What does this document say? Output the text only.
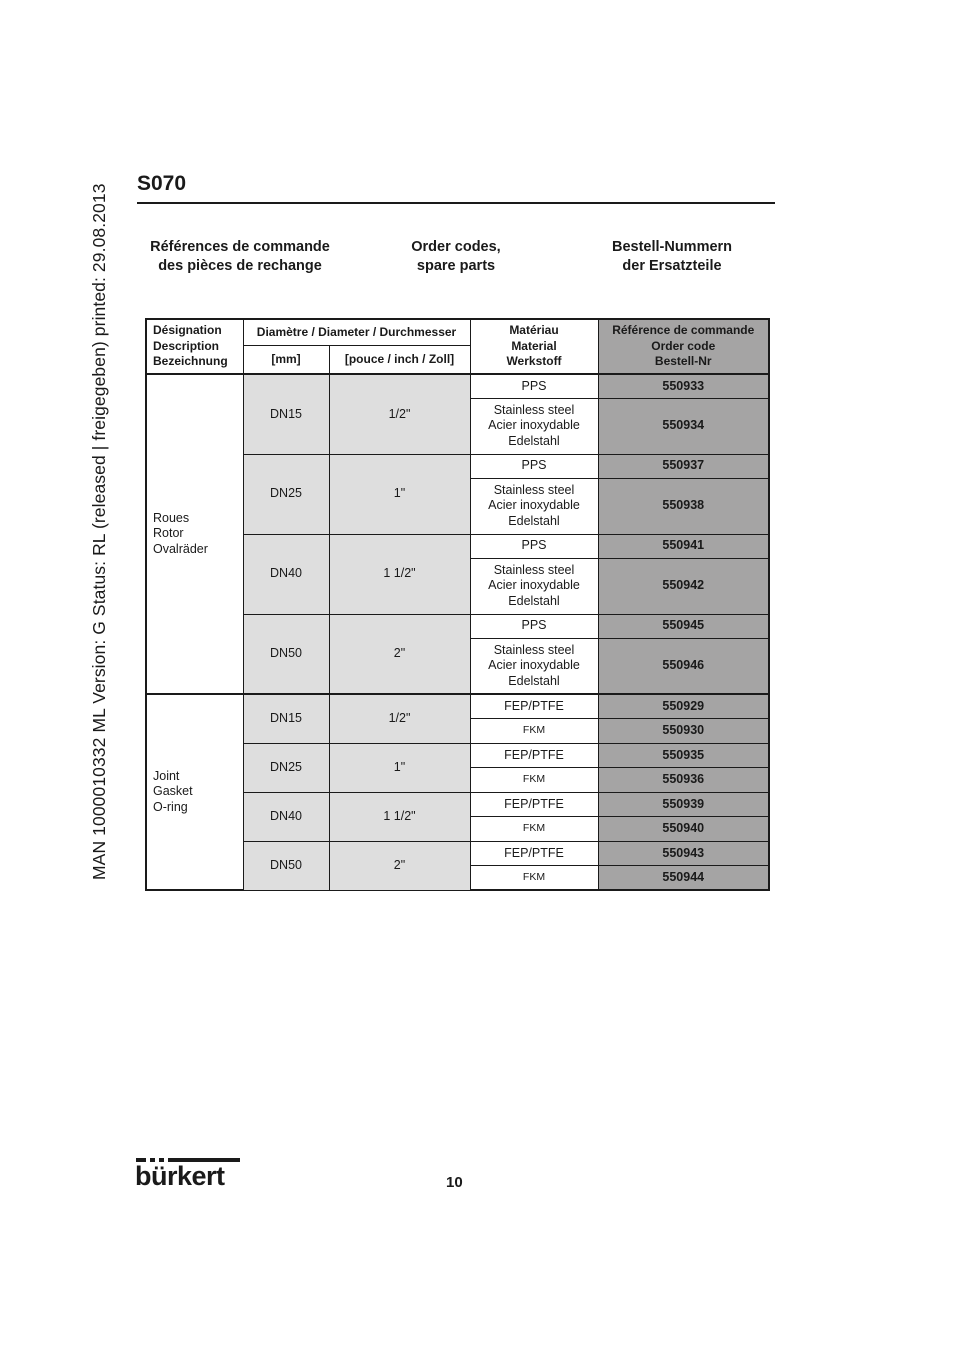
MAN 1000010332 ML Version: G Status: RL (released | freigegeben) printed: 29.08.2013 S070
Références de commande
des pièces de rechange
Order codes,
spare parts
Bestell-Nummern
der Ersatzteile
Désignation
Description
Bezeichnung	Diamètre / Diameter / Durchmesser		Matériau
Material
Werkstoff	Référence de commande
Order code
Bestell-Nr

	[mm]	[pouce / inch / Zoll]		

Roues
Rotor
Ovalräder	DN15	1/2"	PPS	550933

			Stainless steel
Acier inoxydable
Edelstahl	550934
	DN25	1"	PPS	550937

			Stainless steel
Acier inoxydable
Edelstahl	550938
	DN40	1 1/2"	PPS	550941

			Stainless steel
Acier inoxydable
Edelstahl	550942
	DN50	2"	PPS	550945

			Stainless steel
Acier inoxydable
Edelstahl	550946

Joint
Gasket
O-ring	DN15	1/2"	FEP/PTFE	550929

			FKM	550930
	DN25	1"	FEP/PTFE	550935

			FKM	550936
	DN40	1 1/2"	FEP/PTFE	550939

			FKM	550940
	DN50	2"	FEP/PTFE	550943

			FKM	550944
bürkert	10
